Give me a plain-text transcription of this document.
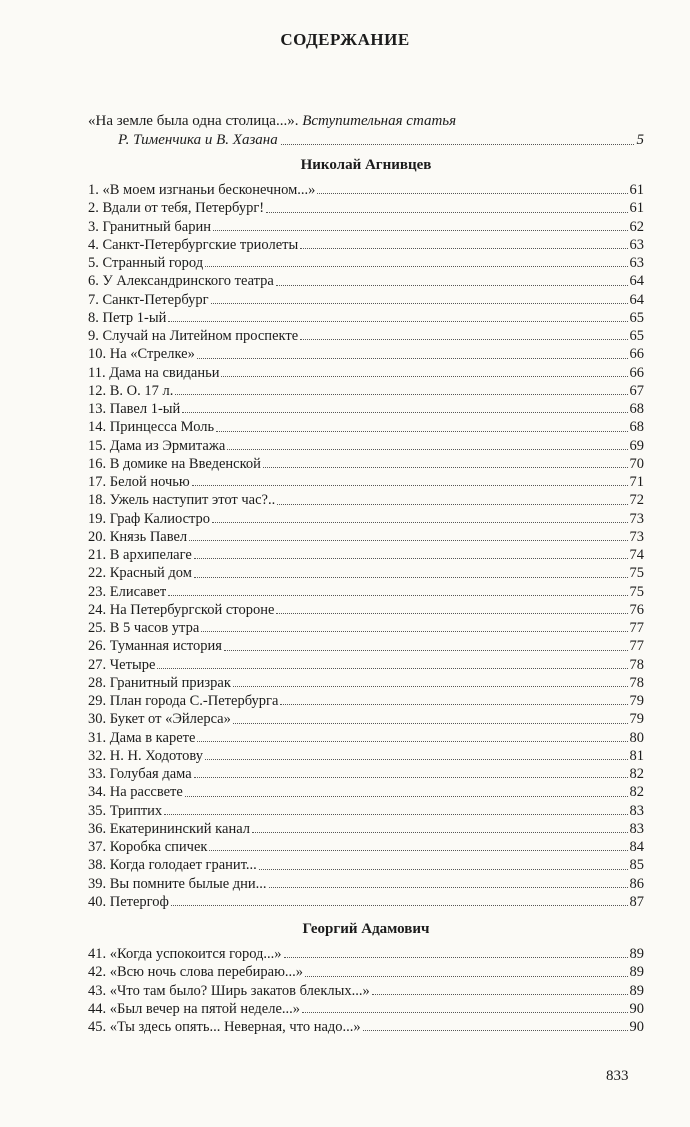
СОДЕРЖАНИЕ
«На земле была одна столица...». Вступительная статья
Р. Тименчика и В. Хазана	5
Николай Агнивцев
1. «В моем изгнаньи бесконечном...»	61
2. Вдали от тебя, Петербург!	61
3. Гранитный барин	62
4. Санкт-Петербургские триолеты	63
5. Странный город	63
6. У Александринского театра	64
7. Санкт-Петербург	64
8. Петр 1-ый	65
9. Случай на Литейном проспекте	65
10. На «Стрелке»	66
11. Дама на свиданьи	66
12. В. О. 17 л.	67
13. Павел 1-ый	68
14. Принцесса Моль	68
15. Дама из Эрмитажа	69
16. В домике на Введенской	70
17. Белой ночью	71
18. Ужель наступит этот час?..	72
19. Граф Калиостро	73
20. Князь Павел	73
21. В архипелаге	74
22. Красный дом	75
23. Елисавет	75
24. На Петербургской стороне	76
25. В 5 часов утра	77
26. Туманная история	77
27. Четыре	78
28. Гранитный призрак	78
29. План города С.-Петербурга	79
30. Букет от «Эйлерса»	79
31. Дама в карете	80
32. Н. Н. Ходотову	81
33. Голубая дама	82
34. На рассвете	82
35. Триптих	83
36. Екатерининский канал	83
37. Коробка спичек	84
38. Когда голодает гранит...	85
39. Вы помните былые дни...	86
40. Петергоф	87
Георгий Адамович
41. «Когда успокоится город...»	89
42. «Всю ночь слова перебираю...»	89
43. «Что там было? Ширь закатов блеклых...»	89
44. «Был вечер на пятой неделе...»	90
45. «Ты здесь опять... Неверная, что надо...»	90
833
